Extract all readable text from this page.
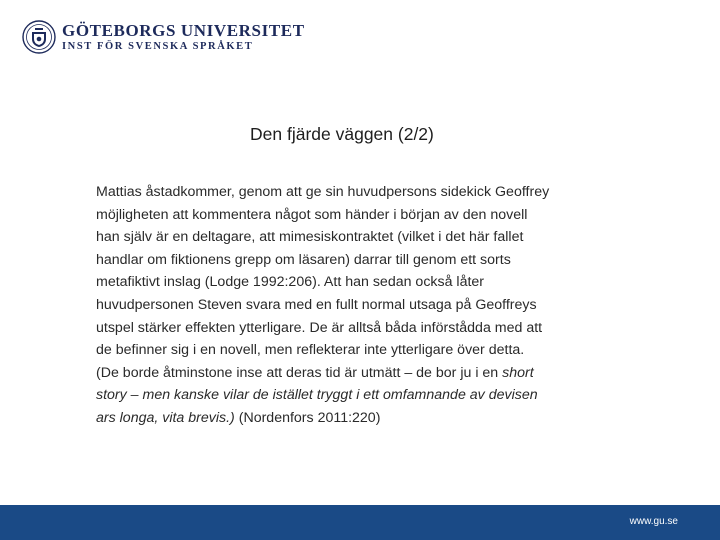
GÖTEBORGS UNIVERSITET
INST FÖR SVENSKA SPRÅKET
Den fjärde väggen (2/2)
Mattias åstadkommer, genom att ge sin huvudpersons sidekick Geoffrey
möjligheten att kommentera något som händer i början av den novell
han själv är en deltagare, att mimesiskontraktet (vilket i det här fallet
handlar om fiktionens grepp om läsaren) darrar till genom ett sorts
metafiktivt inslag (Lodge 1992:206). Att han sedan också låter
huvudpersonen Steven svara med en fullt normal utsaga på Geoffreys
utspel stärker effekten ytterligare. De är alltså båda införstådda med att
de befinner sig i en novell, men reflekterar inte ytterligare över detta.
(De borde åtminstone inse att deras tid är utmätt – de bor ju i en short
story – men kanske vilar de istället tryggt i ett omfamnande av devisen
ars longa, vita brevis.) (Nordenfors 2011:220)
www.gu.se
